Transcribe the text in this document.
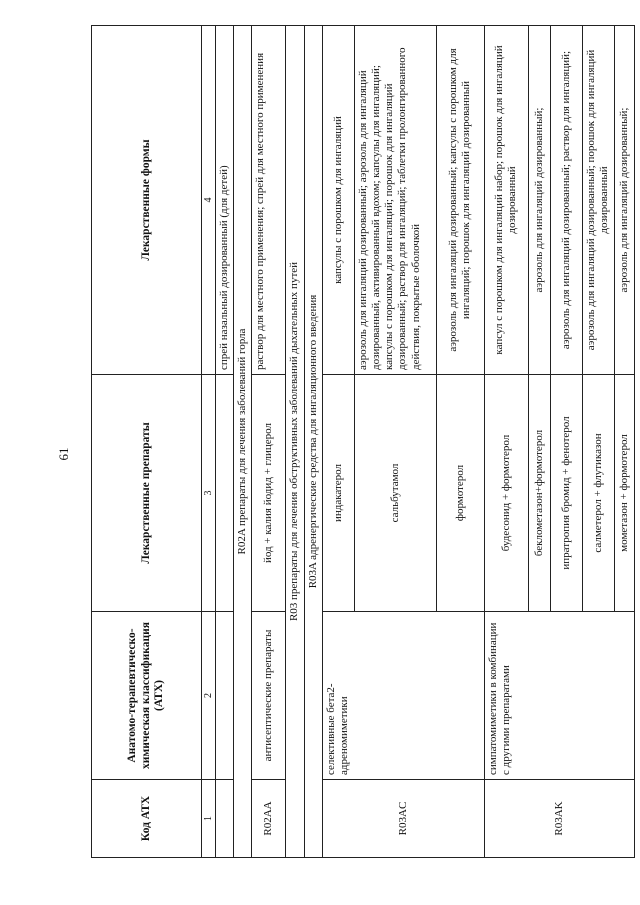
61
Код АТХ	Анатомо-терапевтическо-химическая классификация (АТХ)	Лекарственные препараты	Лекарственные формы
1	2	3	4
			спрей назальный дозированный (для детей)
R02A препараты для лечения заболеваний горла			
R02AA	антисептические препараты	йод + калия йодид + глицерол	раствор для местного применения; спрей для местного применения
R03 препараты для лечения обструктивных заболеваний дыхательных путей			
R03A адренергические средства для ингаляционного введения			
R03AC	селективные бета2-адреномиметики	индакатерол	капсулы с порошком для ингаляций
		сальбутамол	аэрозоль для ингаляций дозированный; аэрозоль для ингаляций дозированный, активированный вдохом; капсулы для ингаляций; капсулы с порошком для ингаляций; порошок для ингаляций дозированный; раствор для ингаляций; таблетки пролонгированного действия, покрытые оболочкой
		формотерол	аэрозоль для ингаляций дозированный; капсулы с порошком для ингаляций; порошок для ингаляций дозированный
R03AK	симпатомиметики в комбинации с другими препаратами	будесонид + формотерол	капсул с порошком для ингаляций набор; порошок для ингаляций дозированный
		беклометазон+формотерол	аэрозоль для ингаляций дозированный;
		ипратропия бромид + фенотерол	аэрозоль для ингаляций дозированный; раствор для ингаляций;
		салметерол + флутиказон	аэрозоль для ингаляций дозированный; порошок для ингаляций дозированный
		мометазон + формотерол	аэрозоль для ингаляций дозированный;
